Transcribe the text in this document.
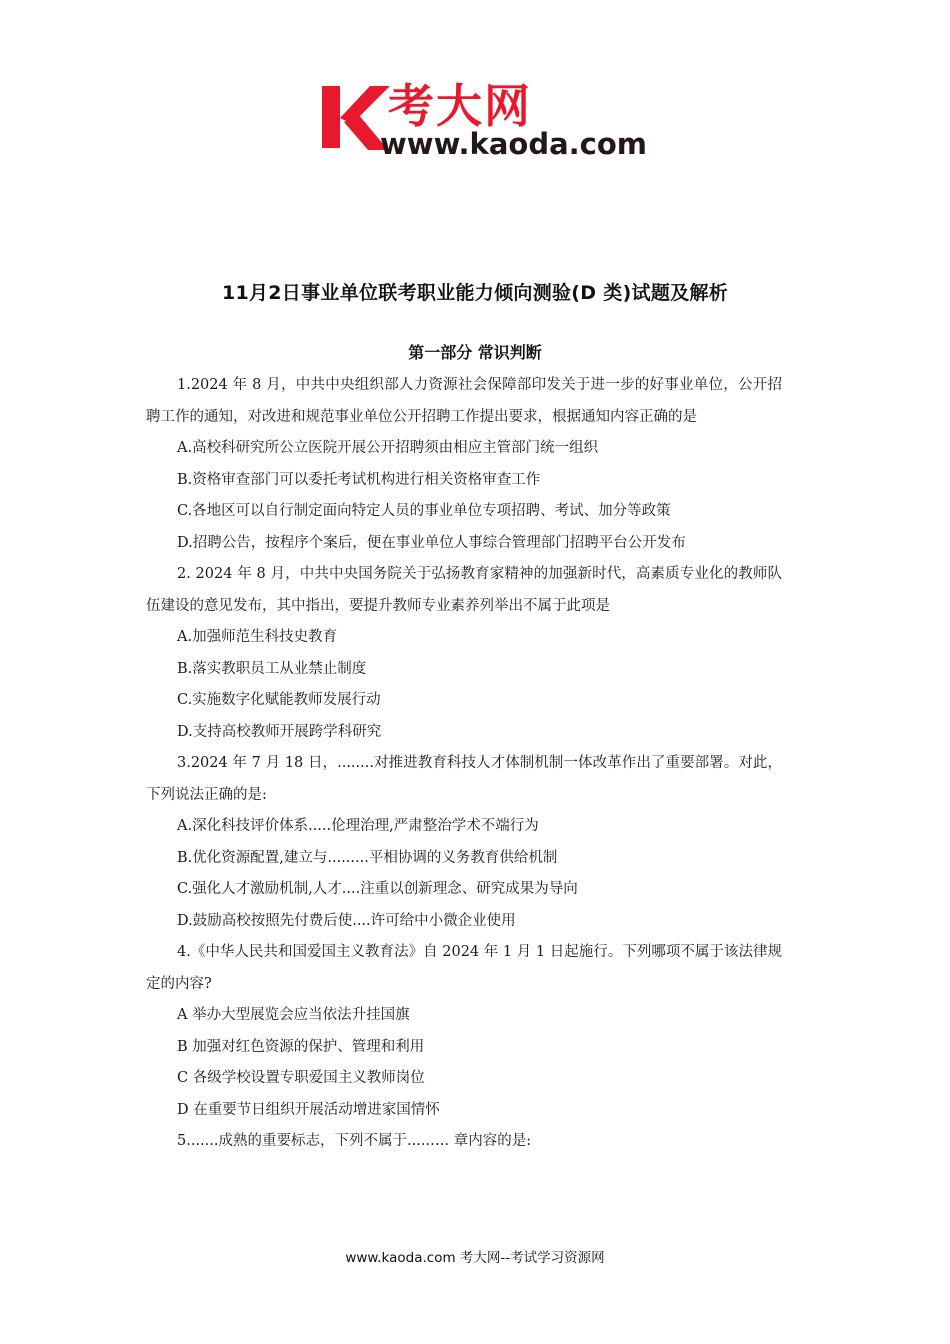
考大网
www.kaoda.com
11月2日事业单位联考职业能力倾向测验(D 类)试题及解析
第一部分 常识判断

1.2024 年 8 月，中共中央组织部人力资源社会保障部印发关于进一步的好事业单位，公开招聘工作的通知，对改进和规范事业单位公开招聘工作提出要求，根据通知内容正确的是

A.高校科研究所公立医院开展公开招聘须由相应主管部门统一组织

B.资格审查部门可以委托考试机构进行相关资格审查工作

C.各地区可以自行制定面向特定人员的事业单位专项招聘、考试、加分等政策

D.招聘公告，按程序个案后，便在事业单位人事综合管理部门招聘平台公开发布

2. 2024 年 8 月，中共中央国务院关于弘扬教育家精神的加强新时代，高素质专业化的教师队伍建设的意见发布，其中指出，要提升教师专业素养列举出不属于此项是

A.加强师范生科技史教育

B.落实教职员工从业禁止制度

C.实施数字化赋能教师发展行动

D.支持高校教师开展跨学科研究

3.2024 年 7 月 18 日，........对推进教育科技人才体制机制一体改革作出了重要部署。对此，下列说法正确的是:

A.深化科技评价体系.....伦理治理,严肃整治学术不端行为

B.优化资源配置,建立与.........平相协调的义务教育供给机制

C.强化人才激励机制,人才....注重以创新理念、研究成果为导向

D.鼓励高校按照先付费后使....许可给中小微企业使用

4.《中华人民共和国爱国主义教育法》自 2024 年 1 月 1 日起施行。下列哪项不属于该法律规定的内容?

A 举办大型展览会应当依法升挂国旗

B 加强对红色资源的保护、管理和利用

C 各级学校设置专职爱国主义教师岗位

D 在重要节日组织开展活动增进家国情怀

5.......成熟的重要标志，下列不属于.....…. 章内容的是:

www.kaoda.com 考大网--考试学习资源网
